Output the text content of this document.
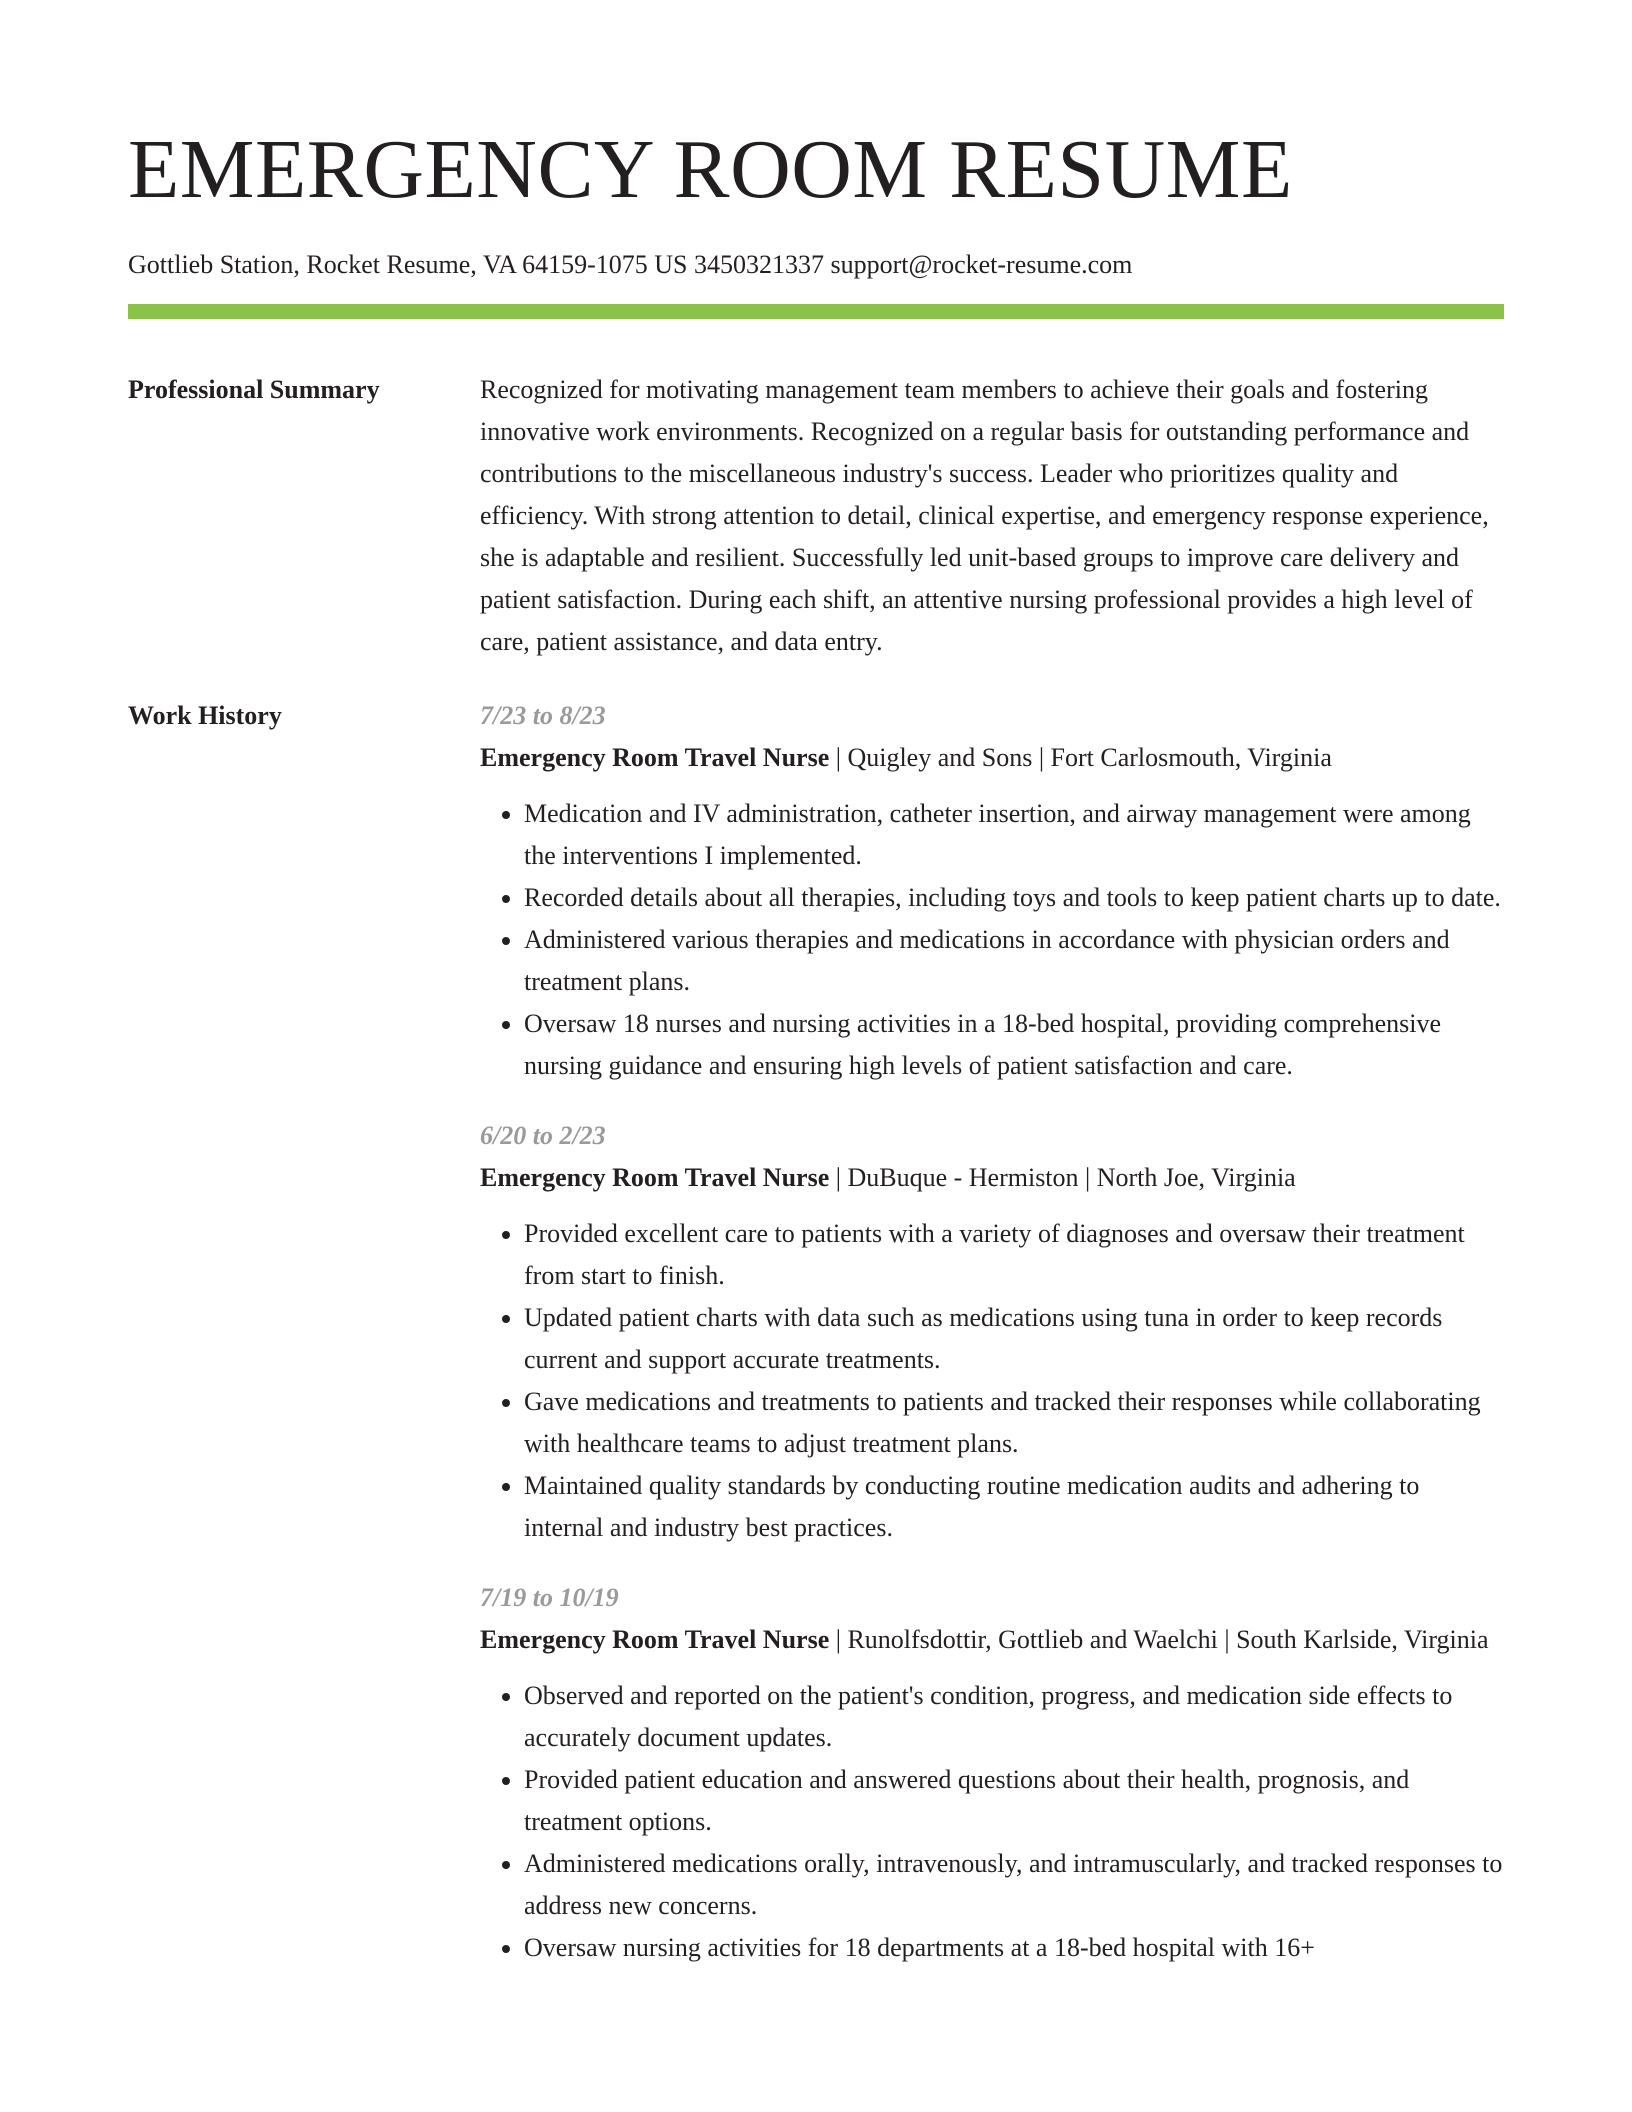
EMERGENCY ROOM RESUME
Gottlieb Station, Rocket Resume, VA 64159-1075 US 3450321337 support@rocket-resume.com
Professional Summary	Recognized for motivating management team members to achieve their goals and fostering innovative work environments. Recognized on a regular basis for outstanding performance and contributions to the miscellaneous industry's success. Leader who prioritizes quality and efficiency. With strong attention to detail, clinical expertise, and emergency response experience, she is adaptable and resilient. Successfully led unit-based groups to improve care delivery and patient satisfaction. During each shift, an attentive nursing professional provides a high level of care, patient assistance, and data entry.

Work History	7/23 to 8/23
Emergency Room Travel Nurse | Quigley and Sons | Fort Carlosmouth, Virginia
• Medication and IV administration, catheter insertion, and airway management were among the interventions I implemented.
• Recorded details about all therapies, including toys and tools to keep patient charts up to date.
• Administered various therapies and medications in accordance with physician orders and treatment plans.
• Oversaw 18 nurses and nursing activities in a 18-bed hospital, providing comprehensive nursing guidance and ensuring high levels of patient satisfaction and care.
6/20 to 2/23
Emergency Room Travel Nurse | DuBuque - Hermiston | North Joe, Virginia
• Provided excellent care to patients with a variety of diagnoses and oversaw their treatment from start to finish.
• Updated patient charts with data such as medications using tuna in order to keep records current and support accurate treatments.
• Gave medications and treatments to patients and tracked their responses while collaborating with healthcare teams to adjust treatment plans.
• Maintained quality standards by conducting routine medication audits and adhering to internal and industry best practices.
7/19 to 10/19
Emergency Room Travel Nurse | Runolfsdottir, Gottlieb and Waelchi | South Karlside, Virginia
• Observed and reported on the patient's condition, progress, and medication side effects to accurately document updates.
• Provided patient education and answered questions about their health, prognosis, and treatment options.
• Administered medications orally, intravenously, and intramuscularly, and tracked responses to address new concerns.
• Oversaw nursing activities for 18 departments at a 18-bed hospital with 16+
